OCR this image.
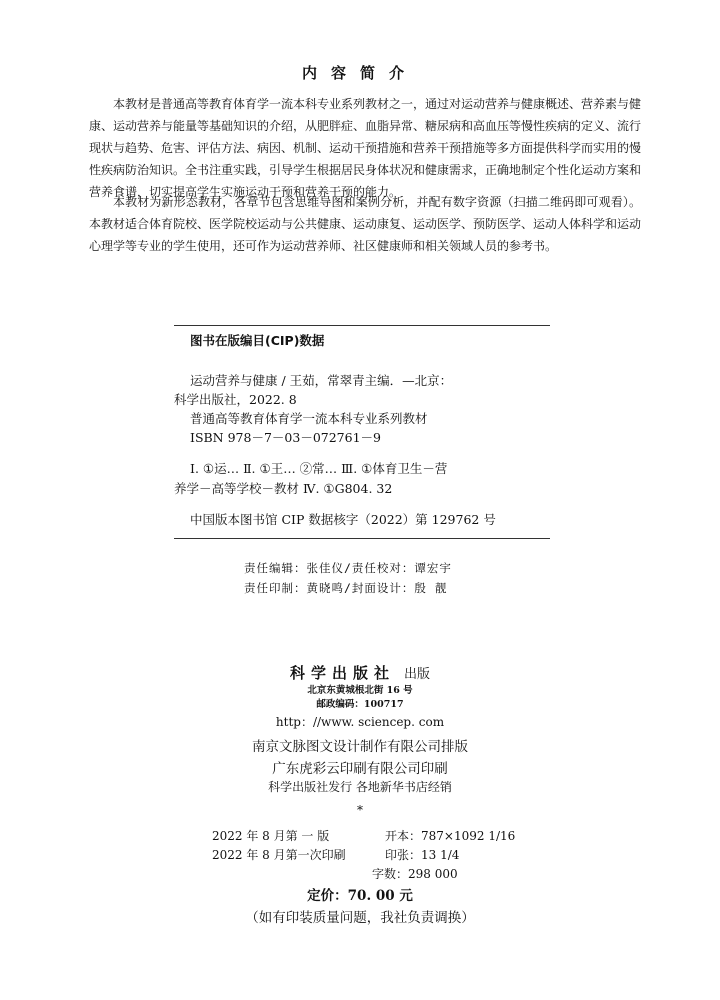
内容简介

本教材是普通高等教育体育学一流本科专业系列教材之一，通过对运动营养与健康概述、营养素与健康、运动营养与能量等基础知识的介绍，从肥胖症、血脂异常、糖尿病和高血压等慢性疾病的定义、流行现状与趋势、危害、评估方法、病因、机制、运动干预措施和营养干预措施等多方面提供科学而实用的慢性疾病防治知识。全书注重实践，引导学生根据居民身体状况和健康需求，正确地制定个性化运动方案和营养食谱，切实提高学生实施运动干预和营养干预的能力。

本教材为新形态教材，各章节包含思维导图和案例分析，并配有数字资源（扫描二维码即可观看）。本教材适合体育院校、医学院校运动与公共健康、运动康复、运动医学、预防医学、运动人体科学和运动心理学等专业的学生使用，还可作为运动营养师、社区健康师和相关领域人员的参考书。

图书在版编目(CIP)数据
运动营养与健康 / 王茹，常翠青主编．—北京：
科学出版社，2022. 8
普通高等教育体育学一流本科专业系列教材
ISBN 978－7－03－072761－9
Ⅰ. ①运… Ⅱ. ①王… ②常… Ⅲ. ①体育卫生－营
养学－高等学校－教材 Ⅳ. ①G804. 32
中国版本图书馆 CIP 数据核字（2022）第 129762 号
责任编辑：张佳仪/责任校对：谭宏宇
责任印制：黄晓鸣/封面设计：殷 靓
科学出版社 出版
北京东黄城根北街 16 号
邮政编码：100717
http：//www. sciencep. com
南京文脉图文设计制作有限公司排版
广东虎彩云印刷有限公司印刷
科学出版社发行 各地新华书店经销
*
2022 年 8 月第 一 版	开本：787×1092 1/16
2022 年 8 月第一次印刷	印张：13 1/4
字数：298 000
定价：70. 00 元
（如有印装质量问题，我社负责调换）
